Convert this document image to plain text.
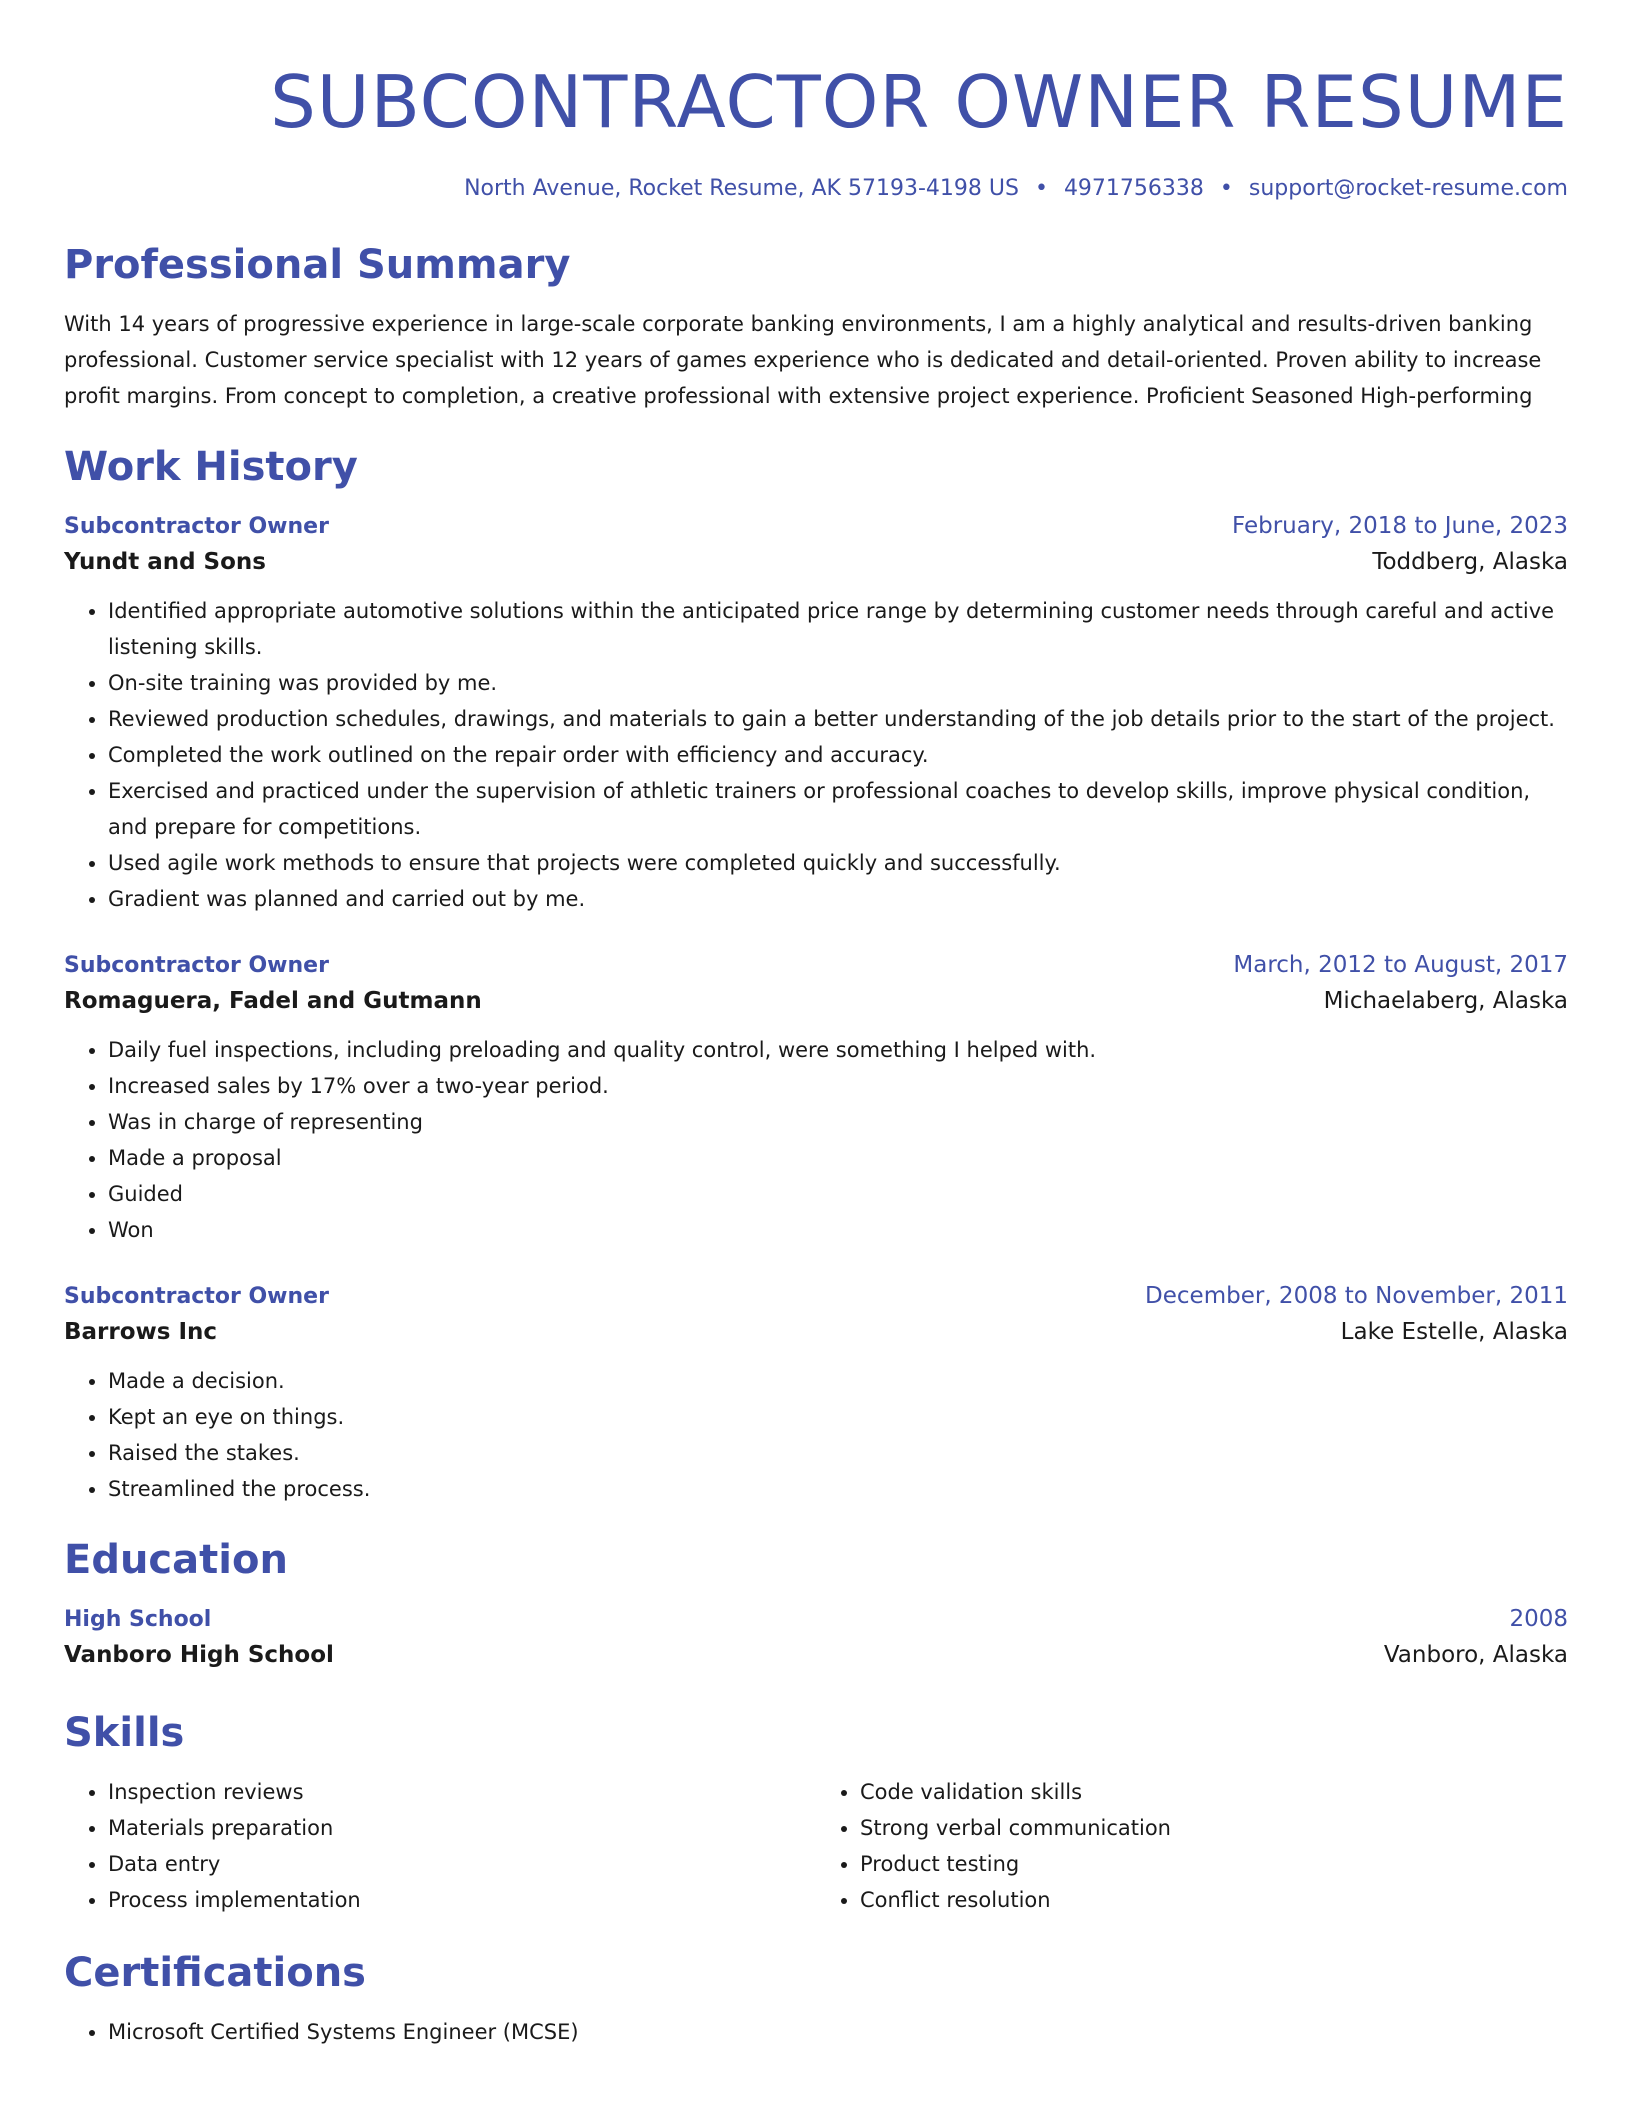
SUBCONTRACTOR OWNER RESUME
North Avenue, Rocket Resume, AK 57193-4198 US • 4971756338 • support@rocket-resume.com
Professional Summary
With 14 years of progressive experience in large-scale corporate banking environments, I am a highly analytical and results-driven banking professional. Customer service specialist with 12 years of games experience who is dedicated and detail-oriented. Proven ability to increase profit margins. From concept to completion, a creative professional with extensive project experience. Proficient Seasoned High-performing
Work History
Subcontractor Owner	February, 2018 to June, 2023
Yundt and Sons	Toddberg, Alaska
• Identified appropriate automotive solutions within the anticipated price range by determining customer needs through careful and active listening skills.
• On-site training was provided by me.
• Reviewed production schedules, drawings, and materials to gain a better understanding of the job details prior to the start of the project.
• Completed the work outlined on the repair order with efficiency and accuracy.
• Exercised and practiced under the supervision of athletic trainers or professional coaches to develop skills, improve physical condition, and prepare for competitions.
• Used agile work methods to ensure that projects were completed quickly and successfully.
• Gradient was planned and carried out by me.
Subcontractor Owner	March, 2012 to August, 2017
Romaguera, Fadel and Gutmann	Michaelaberg, Alaska
• Daily fuel inspections, including preloading and quality control, were something I helped with.
• Increased sales by 17% over a two-year period.
• Was in charge of representing
• Made a proposal
• Guided
• Won
Subcontractor Owner	December, 2008 to November, 2011
Barrows Inc	Lake Estelle, Alaska
• Made a decision.
• Kept an eye on things.
• Raised the stakes.
• Streamlined the process.
Education
High School	2008
Vanboro High School	Vanboro, Alaska
Skills
• Inspection reviews
• Materials preparation
• Data entry
• Process implementation
• Code validation skills
• Strong verbal communication
• Product testing
• Conflict resolution
Certifications
• Microsoft Certified Systems Engineer (MCSE)
